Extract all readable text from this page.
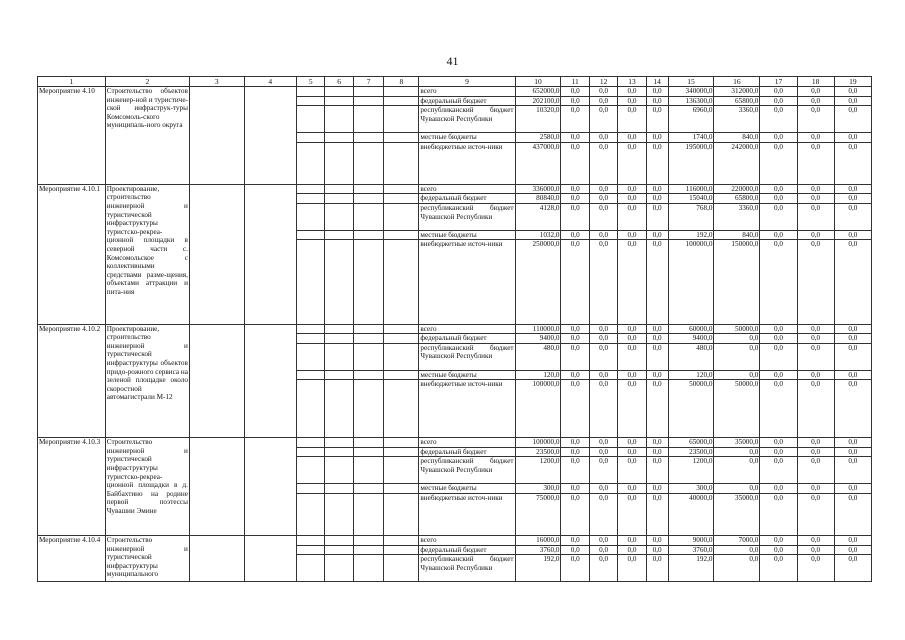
41
1	2	3	4	5	6	7	8	9	10	11	12	13	14	15	16	17	18	19
Мероприятие 4.10	Строительство объектов инженер-ной и туристиче-ской инфраструк-туры Комсомоль-ского муниципаль-ного округа							всего	652000,0	0,0	0,0	0,0	0,0	340000,0	312000,0	0,0	0,0	0,0
								федеральный бюджет	202100,0	0,0	0,0	0,0	0,0	136300,0	65800,0	0,0	0,0	0,0
								республиканский бюджет Чувашской Республики	10320,0	0,0	0,0	0,0	0,0	6960,0	3360,0	0,0	0,0	0,0
								местные бюджеты	2580,0	0,0	0,0	0,0	0,0	1740,0	840,0	0,0	0,0	0,0
								внебюджетные источ-ники	437000,0	0,0	0,0	0,0	0,0	195000,0	242000,0	0,0	0,0	0,0
Мероприятие 4.10.1	Проектирование, строительство инженерной и туристической инфраструктуры туристско-рекреа-ционной площадки в северной части с. Комсомольское с коллективными средствами разме-щения, объектами аттракции и пита-ния							всего	336000,0	0,0	0,0	0,0	0,0	116000,0	220000,0	0,0	0,0	0,0
								федеральный бюджет	80840,0	0,0	0,0	0,0	0,0	15040,0	65800,0	0,0	0,0	0,0
								республиканский бюджет Чувашской Республики	4128,0	0,0	0,0	0,0	0,0	768,0	3360,0	0,0	0,0	0,0
								местные бюджеты	1032,0	0,0	0,0	0,0	0,0	192,0	840,0	0,0	0,0	0,0
								внебюджетные источ-ники	250000,0	0,0	0,0	0,0	0,0	100000,0	150000,0	0,0	0,0	0,0
Мероприятие 4.10.2	Проектирование, строительство инженерной и туристической инфраструктуры объектов придо-рожного сервиса на зеленой площадке около скоростной автомагистрали М-12							всего	110000,0	0,0	0,0	0,0	0,0	60000,0	50000,0	0,0	0,0	0,0
								федеральный бюджет	9400,0	0,0	0,0	0,0	0,0	9400,0	0,0	0,0	0,0	0,0
								республиканский бюджет Чувашской Республики	480,0	0,0	0,0	0,0	0,0	480,0	0,0	0,0	0,0	0,0
								местные бюджеты	120,0	0,0	0,0	0,0	0,0	120,0	0,0	0,0	0,0	0,0
								внебюджетные источ-ники	100000,0	0,0	0,0	0,0	0,0	50000,0	50000,0	0,0	0,0	0,0
Мероприятие 4.10.3	Строительство инженерной и туристической инфраструктуры туристско-рекреа-ционной площадки в д. Байбахтино на родине первой поэтессы Чувашии Эмине							всего	100000,0	0,0	0,0	0,0	0,0	65000,0	35000,0	0,0	0,0	0,0
								федеральный бюджет	23500,0	0,0	0,0	0,0	0,0	23500,0	0,0	0,0	0,0	0,0
								республиканский бюджет Чувашской Республики	1200,0	0,0	0,0	0,0	0,0	1200,0	0,0	0,0	0,0	0,0
								местные бюджеты	300,0	0,0	0,0	0,0	0,0	300,0	0,0	0,0	0,0	0,0
								внебюджетные источ-ники	75000,0	0,0	0,0	0,0	0,0	40000,0	35000,0	0,0	0,0	0,0
Мероприятие 4.10.4	Строительство инженерной и туристической инфраструктуры муниципального							всего	16000,0	0,0	0,0	0,0	0,0	9000,0	7000,0	0,0	0,0	0,0
								федеральный бюджет	3760,0	0,0	0,0	0,0	0,0	3760,0	0,0	0,0	0,0	0,0
								республиканский бюджет Чувашской Республики	192,0	0,0	0,0	0,0	0,0	192,0	0,0	0,0	0,0	0,0
